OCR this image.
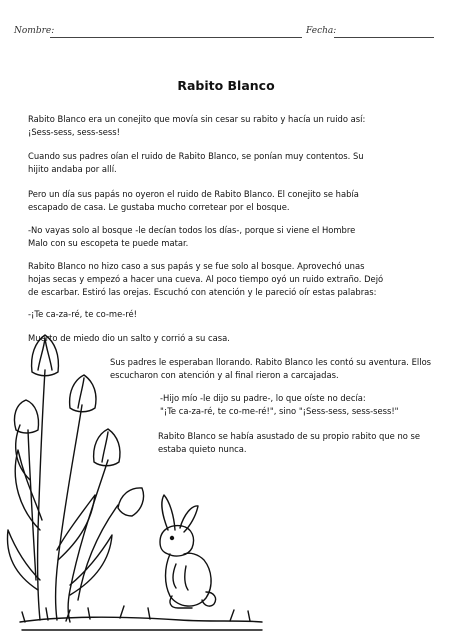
Nombre:	Fecha:
Rabito Blanco
Rabito Blanco era un conejito que movía sin cesar su rabito y hacía un ruido así:
¡Sess-sess, sess-sess!
Cuando sus padres oían el ruido de Rabito Blanco, se ponían muy contentos. Su
hijito andaba por allí.
Pero un día sus papás no oyeron el ruido de Rabito Blanco. El conejito se había
escapado de casa. Le gustaba mucho corretear por el bosque.
-No vayas solo al bosque -le decían todos los días-, porque si viene el Hombre
Malo con su escopeta te puede matar.
Rabito Blanco no hizo caso a sus papás y se fue solo al bosque. Aprovechó unas
hojas secas y empezó a hacer una cueva. Al poco tiempo oyó un ruido extraño. Dejó
de escarbar. Estiró las orejas. Escuchó con atención y le pareció oír estas palabras:
-¡Te ca-za-ré, te co-me-ré!
Muerto de miedo dio un salto y corrió a su casa.
Sus padres le esperaban llorando. Rabito Blanco les contó su aventura. Ellos
escucharon con atención y al final rieron a carcajadas.
-Hijo mío -le dijo su padre-, lo que oíste no decía:
"¡Te ca-za-ré, te co-me-ré!", sino "¡Sess-sess, sess-sess!"
Rabito Blanco se había asustado de su propio rabito que no se
estaba quieto nunca.
